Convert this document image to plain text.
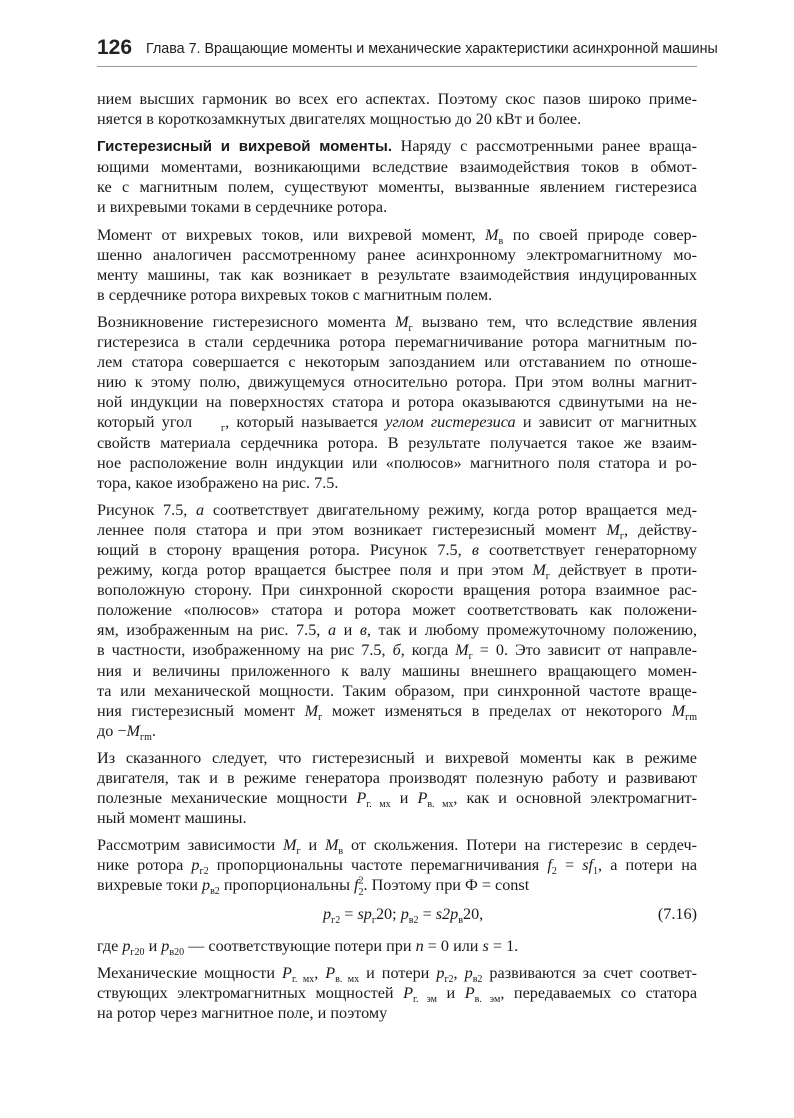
126 Глава 7. Вращающие моменты и механические характеристики асинхронной машины

нием высших гармоник во всех его аспектах. Поэтому скос пазов широко приме-
няется в короткозамкнутых двигателях мощностью до 20 кВт и более.

Гистерезисный и вихревой моменты. Наряду с рассмотренными ранее враща-
ющими моментами, возникающими вследствие взаимодействия токов в обмот-
ке с магнитным полем, существуют моменты, вызванные явлением гистерезиса
и вихревыми токами в сердечнике ротора.

Момент от вихревых токов, или вихревой момент, $М_в$ по своей природе совер-
шенно аналогичен рассмотренному ранее асинхронному электромагнитному мо-
менту машины, так как возникает в результате взаимодействия индуцированных
в сердечнике ротора вихревых токов с магнитным полем.

Возникновение гистерезисного момента $М_г$ вызвано тем, что вследствие явления
гистерезиса в стали сердечника ротора перемагничивание ротора магнитным по-
лем статора совершается с некоторым запозданием или отставанием по отноше-
нию к этому полю, движущемуся относительно ротора. При этом волны магнит-
ной индукции на поверхностях статора и ротора оказываются сдвинутыми на не-
который угол	$_г$, который называется углом гистерезиса и зависит от магнитных
свойств материала сердечника ротора. В результате получается такое же взаим-
ное расположение волн индукции или «полюсов» магнитного поля статора и ро-
тора, какое изображено на рис. 7.5.

Рисунок 7.5, а соответствует двигательному режиму, когда ротор вращается мед-
леннее поля статора и при этом возникает гистерезисный момент $М_г$, действу-
ющий в сторону вращения ротора. Рисунок 7.5, в соответствует генераторному
режиму, когда ротор вращается быстрее поля и при этом $М_г$ действует в проти-
воположную сторону. При синхронной скорости вращения ротора взаимное рас-
положение «полюсов» статора и ротора может соответствовать как положени-
ям, изображенным на рис. 7.5, а и в, так и любому промежуточному положению,
в частности, изображенному на рис 7.5, б, когда $М_г = 0$. Это зависит от направле-
ния и величины приложенного к валу машины внешнего вращающего момен-
та или механической мощности. Таким образом, при синхронной частоте враще-
ния гистерезисный момент $М_г$ может изменяться в пределах от некоторого $М_{гm}$
до $-М_{гm}$.

Из сказанного следует, что гистерезисный и вихревой моменты как в режиме
двигателя, так и в режиме генератора производят полезную работу и развивают
полезные механические мощности $Р_{г. мх}$ и $Р_{в. мх}$, как и основной электромагнит-
ный момент машины.

Рассмотрим зависимости $М_г$ и $М_в$ от скольжения. Потери на гистерезис в сердеч-
нике ротора $р_{г2}$ пропорциональны частоте перемагничивания $f_2 = sf_1$, а потери на
вихревые токи $р_{в2}$ пропорциональны $f^2_2$. Поэтому при Ф = const

$р_{г2} = sр_г20$; $р_{в2} = s2р_в20$,	(7.16)

где $р_{г20}$ и $р_{в20}$ — соответствующие потери при n = 0 или s = 1.

Механические мощности $Р_{г. мх}$, $Р_{в. мх}$ и потери $р_{г2}$, $р_{в2}$ развиваются за счет соответ-
ствующих электромагнитных мощностей $Р_{г. эм}$ и $Р_{в. эм}$, передаваемых со статора
на ротор через магнитное поле, и поэтому
